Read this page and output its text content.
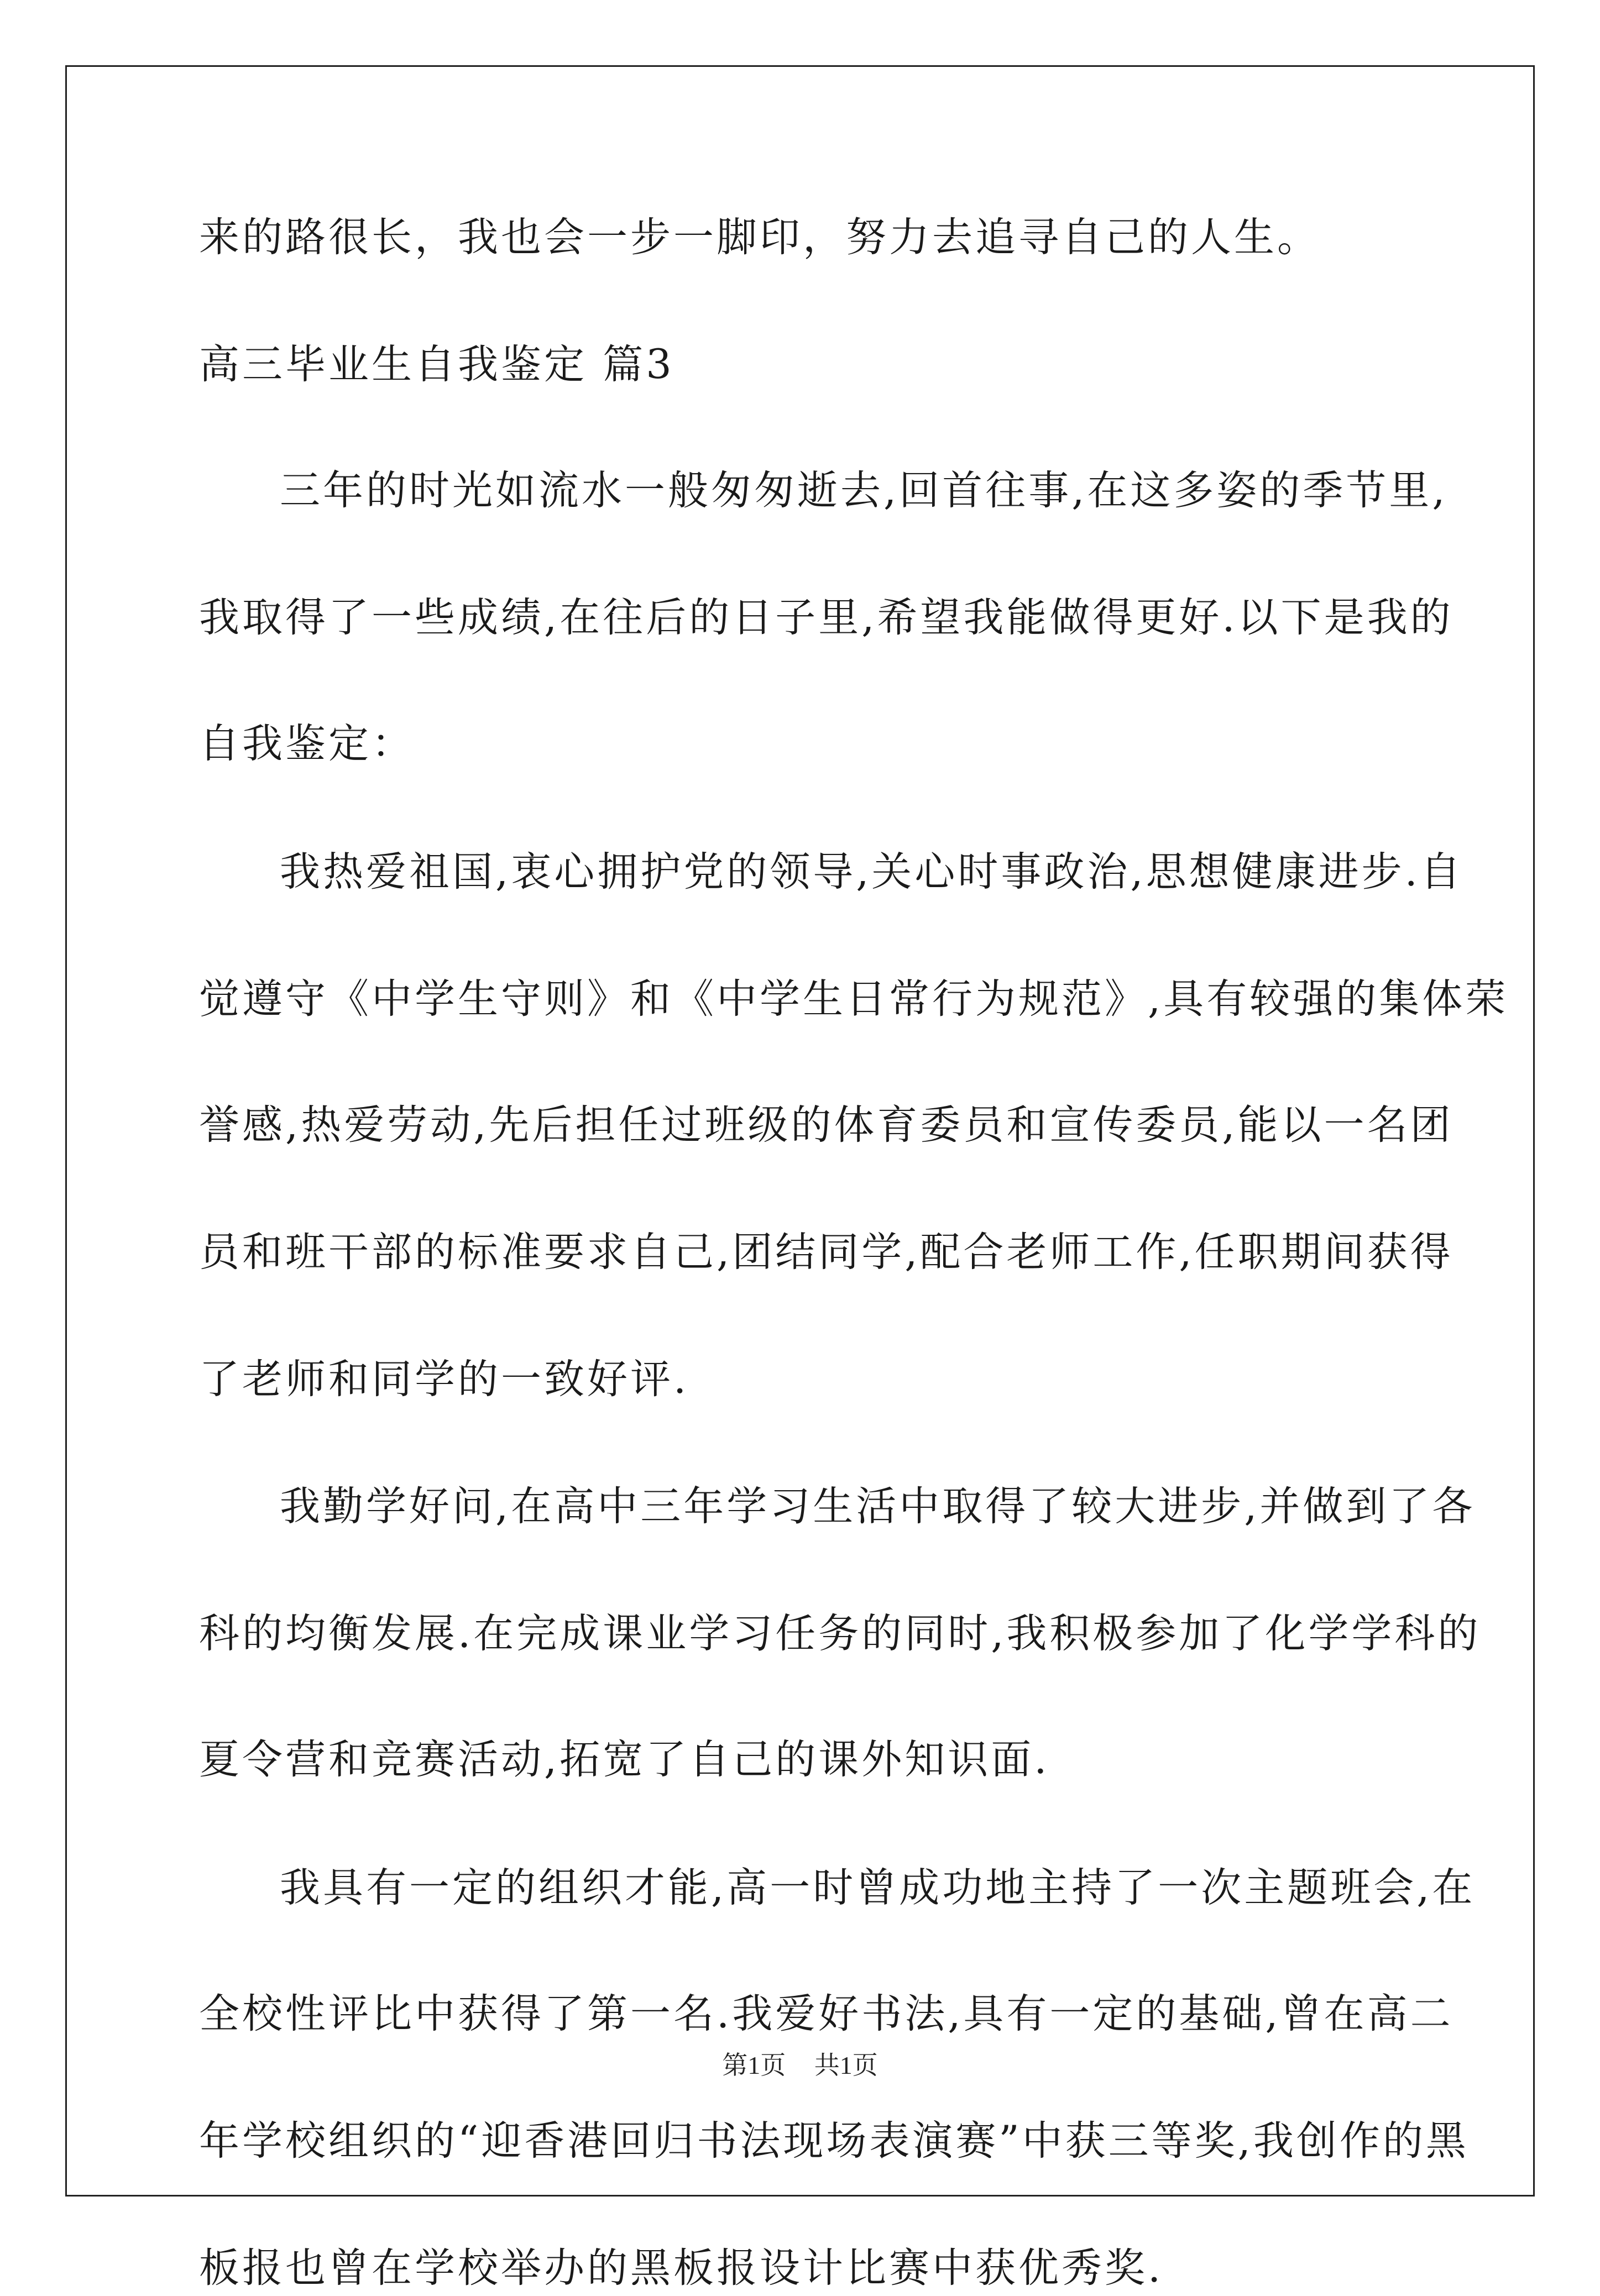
来的路很长，我也会一步一脚印，努力去追寻自己的人生。
高三毕业生自我鉴定 篇3
三年的时光如流水一般匆匆逝去,回首往事,在这多姿的季节里,
我取得了一些成绩,在往后的日子里,希望我能做得更好.以下是我的
自我鉴定：
我热爱祖国,衷心拥护党的领导,关心时事政治,思想健康进步.自
觉遵守《中学生守则》和《中学生日常行为规范》,具有较强的集体荣
誉感,热爱劳动,先后担任过班级的体育委员和宣传委员,能以一名团
员和班干部的标准要求自己,团结同学,配合老师工作,任职期间获得
了老师和同学的一致好评.
我勤学好问,在高中三年学习生活中取得了较大进步,并做到了各
科的均衡发展.在完成课业学习任务的同时,我积极参加了化学学科的
夏令营和竞赛活动,拓宽了自己的课外知识面.
我具有一定的组织才能,高一时曾成功地主持了一次主题班会,在
全校性评比中获得了第一名.我爱好书法,具有一定的基础,曾在高二
年学校组织的“迎香港回归书法现场表演赛”中获三等奖,我创作的黑
板报也曾在学校举办的黑板报设计比赛中获优秀奖.
第1页 共1页
